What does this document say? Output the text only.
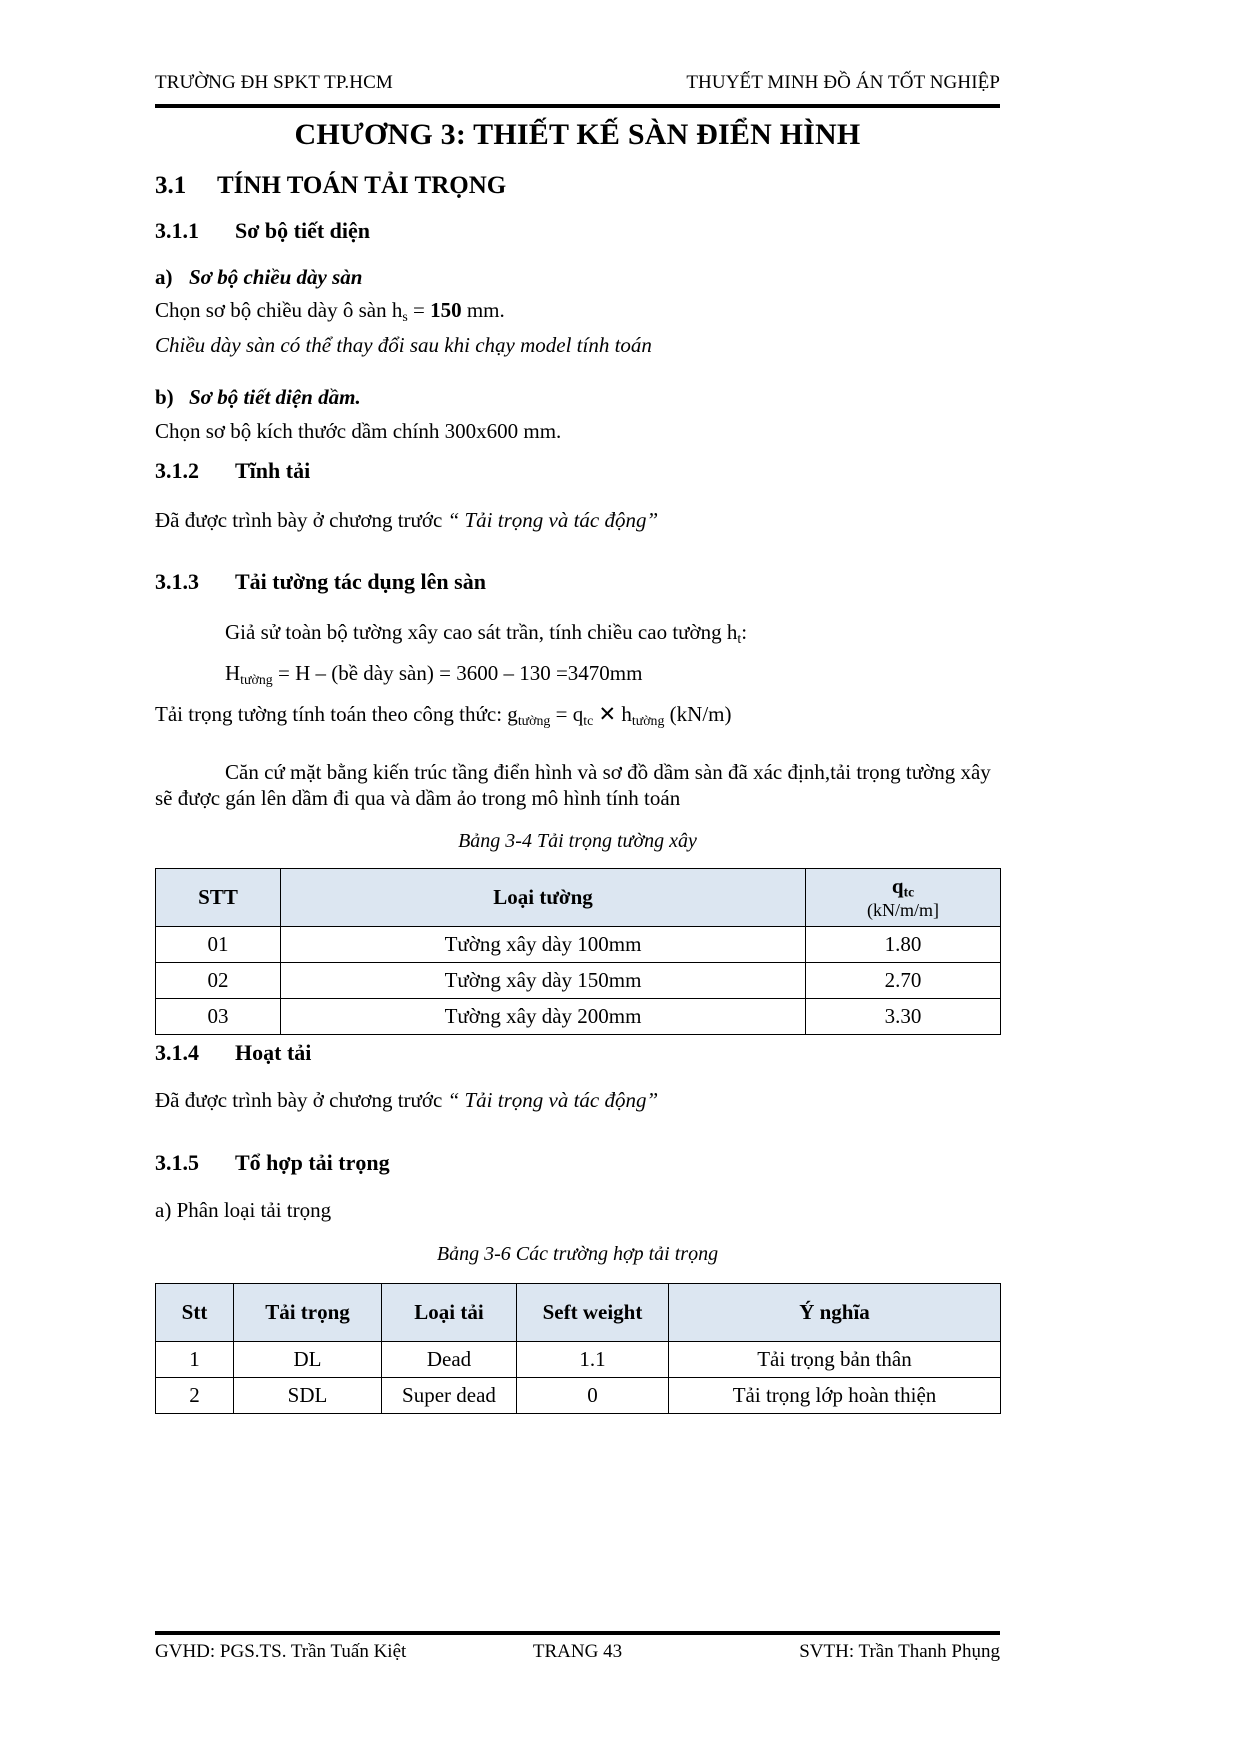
TRƯỜNG ĐH SPKT TP.HCM	THUYẾT MINH ĐỒ ÁN TỐT NGHIỆP
CHƯƠNG 3: THIẾT KẾ SÀN ĐIỂN HÌNH
3.1 TÍNH TOÁN TẢI TRỌNG
3.1.1 Sơ bộ tiết diện
a) Sơ bộ chiều dày sàn

Chọn sơ bộ chiều dày ô sàn $h_s = 150$ mm.

Chiều dày sàn có thể thay đổi sau khi chạy model tính toán

b) Sơ bộ tiết diện dầm.

Chọn sơ bộ kích thước dầm chính 300x600 mm.

3.1.2 Tĩnh tải

Đã được trình bày ở chương trước “ Tải trọng và tác động”

3.1.3 Tải tường tác dụng lên sàn

Giả sử toàn bộ tường xây cao sát trần, tính chiều cao tường $h_t$:

$H_{tường} = H$ – (bề dày sàn) = 3600 – 130 =3470mm

Tải trọng tường tính toán theo công thức: $g_{tường} = q_{tc}$ ✕ $h_{tường}$ (kN/m)

Căn cứ mặt bằng kiến trúc tầng điển hình và sơ đồ dầm sàn đã xác định,tải trọng tường xây sẽ được gán lên dầm đi qua và dầm ảo trong mô hình tính toán

Bảng 3-4 Tải trọng tường xây
STT	Loại tường	qtc
(kN/m/m]

01	Tường xây dày 100mm	1.80
02	Tường xây dày 150mm	2.70
03	Tường xây dày 200mm	3.30
3.1.4 Hoạt tải

Đã được trình bày ở chương trước “ Tải trọng và tác động”

3.1.5 Tổ hợp tải trọng

a) Phân loại tải trọng

Bảng 3-6 Các trường hợp tải trọng
Stt	Tải trọng	Loại tải	Seft weight	Ý nghĩa
1	DL	Dead	1.1	Tải trọng bản thân
2	SDL	Super dead	0	Tải trọng lớp hoàn thiện
GVHD: PGS.TS. Trần Tuấn Kiệt	TRANG 43	SVTH: Trần Thanh Phụng
